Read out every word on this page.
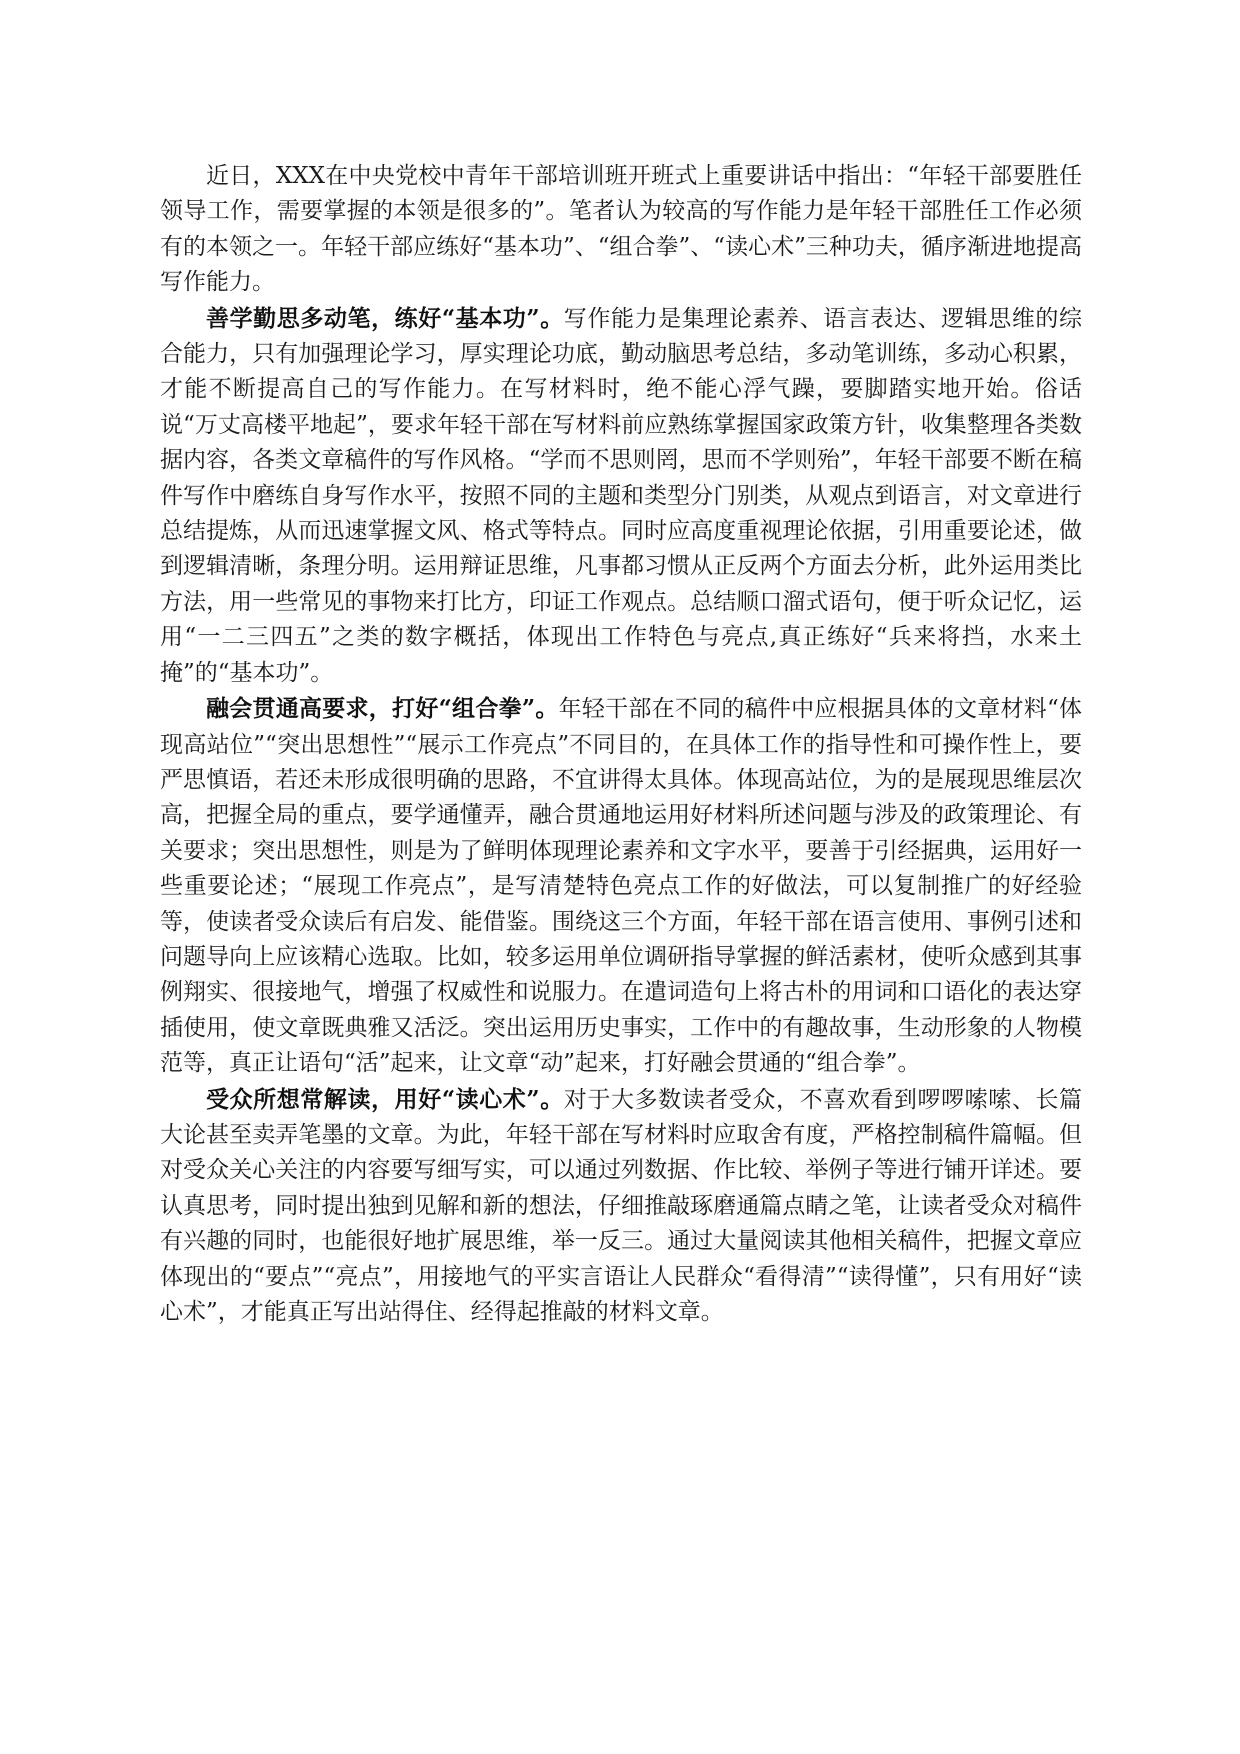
近日，XXX在中央党校中青年干部培训班开班式上重要讲话中指出：“年轻干部要胜任领导工作，需要掌握的本领是很多的”。笔者认为较高的写作能力是年轻干部胜任工作必须有的本领之一。年轻干部应练好“基本功”、“组合拳”、“读心术”三种功夫，循序渐进地提高写作能力。

善学勤思多动笔，练好“基本功”。写作能力是集理论素养、语言表达、逻辑思维的综合能力，只有加强理论学习，厚实理论功底，勤动脑思考总结，多动笔训练，多动心积累，才能不断提高自己的写作能力。在写材料时，绝不能心浮气躁，要脚踏实地开始。俗话说“万丈高楼平地起”，要求年轻干部在写材料前应熟练掌握国家政策方针，收集整理各类数据内容，各类文章稿件的写作风格。“学而不思则罔，思而不学则殆”，年轻干部要不断在稿件写作中磨练自身写作水平，按照不同的主题和类型分门别类，从观点到语言，对文章进行总结提炼，从而迅速掌握文风、格式等特点。同时应高度重视理论依据，引用重要论述，做到逻辑清晰，条理分明。运用辩证思维，凡事都习惯从正反两个方面去分析，此外运用类比方法，用一些常见的事物来打比方，印证工作观点。总结顺口溜式语句，便于听众记忆，运用“一二三四五”之类的数字概括，体现出工作特色与亮点,真正练好“兵来将挡，水来土掩”的“基本功”。

融会贯通高要求，打好“组合拳”。年轻干部在不同的稿件中应根据具体的文章材料“体现高站位”“突出思想性”“展示工作亮点”不同目的，在具体工作的指导性和可操作性上，要严思慎语，若还未形成很明确的思路，不宜讲得太具体。体现高站位，为的是展现思维层次高，把握全局的重点，要学通懂弄，融合贯通地运用好材料所述问题与涉及的政策理论、有关要求；突出思想性，则是为了鲜明体现理论素养和文字水平，要善于引经据典，运用好一些重要论述；“展现工作亮点”，是写清楚特色亮点工作的好做法，可以复制推广的好经验等，使读者受众读后有启发、能借鉴。围绕这三个方面，年轻干部在语言使用、事例引述和问题导向上应该精心选取。比如，较多运用单位调研指导掌握的鲜活素材，使听众感到其事例翔实、很接地气，增强了权威性和说服力。在遣词造句上将古朴的用词和口语化的表达穿插使用，使文章既典雅又活泛。突出运用历史事实，工作中的有趣故事，生动形象的人物模范等，真正让语句“活”起来，让文章“动”起来，打好融会贯通的“组合拳”。

受众所想常解读，用好“读心术”。对于大多数读者受众，不喜欢看到啰啰嗦嗦、长篇大论甚至卖弄笔墨的文章。为此，年轻干部在写材料时应取舍有度，严格控制稿件篇幅。但对受众关心关注的内容要写细写实，可以通过列数据、作比较、举例子等进行铺开详述。要认真思考，同时提出独到见解和新的想法，仔细推敲琢磨通篇点睛之笔，让读者受众对稿件有兴趣的同时，也能很好地扩展思维，举一反三。通过大量阅读其他相关稿件，把握文章应体现出的“要点”“亮点”，用接地气的平实言语让人民群众“看得清”“读得懂”，只有用好“读心术”，才能真正写出站得住、经得起推敲的材料文章。
